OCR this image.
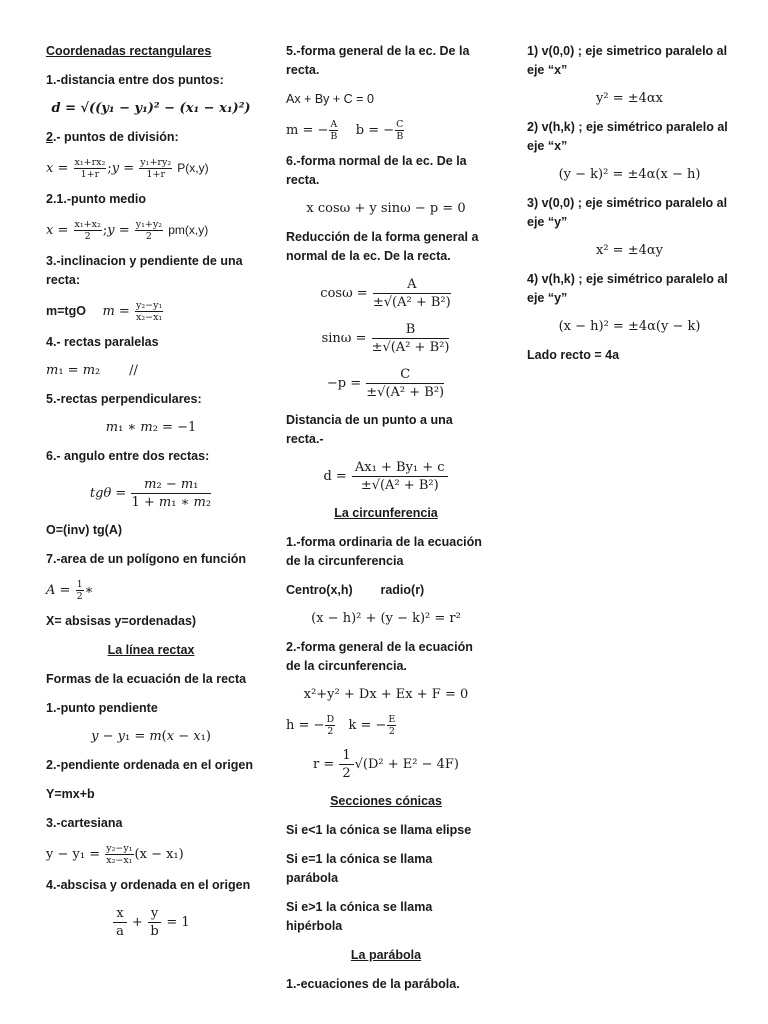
Coordenadas rectangulares

1.-distancia entre dos puntos:

d = √((y₁ − y₁)² − (x₁ − x₁)²)

2.- puntos de división:

$x = \frac{\text{x₁+rx₂}}{1+r}$ ;y = $\frac{\text{y₁+ry₂}}{1+r} P(x,y)$

2.1.-punto medio

$x = \frac{\text{x₁+x₂}}{2}$ ;y = $\frac{\text{y₁+y₂}}{2} pm(x,y)$

3.-inclinacion y pendiente de una recta:

m=tgO $m = \frac{\text{y₂−y₁}}{\text{x₂−x₁}}$

4.- rectas paralelas

m₁ = m₂       //

5.-rectas perpendiculares:

m₁ ∗ m₂ = −1

6.- angulo entre dos rectas:

$tg\theta = \frac{\text{m₂ − m₁}}{\text{1 + m₁ ∗ m₂}}$

O=(inv) tg(A)

7.-area de un polígono en función

$A = \frac{1}{2}$ ∗

X= absisas y=ordenadas)

La línea rectax

Formas de la ecuación de la recta

1.-punto pendiente

y − y₁ = m(x − x₁)

2.-pendiente ordenada en el origen

Y=mx+b

3.-cartesiana

$y - y_1 = \frac{\text{y₂−y₁}}{\text{x₂−x₁}} (x - x_1)$

4.-abscisa y ordenada en el origen

$\frac{x}{a} + \frac{y}{b} = 1$

5.-forma general de la ec. De la recta.

Ax + By + C = 0

m = − $\frac{A}{B}$ b = − $\frac{C}{B}$

6.-forma normal de la ec. De la recta.

x cosω + y sinω − p = 0

Reducción de la forma general a normal de la ec. De la recta.

$\cos\omega = \frac{A}{\text{±√(A² + B²)}}$
$\sin\omega = \frac{B}{\text{±√(A² + B²)}}$
$-p = \frac{C}{\text{±√(A² + B²)}}$

Distancia de un punto a una recta.-

$d = \frac{\text{Ax₁ + By₁ + c}}{\text{±√(A² + B²)}}$

La circunferencia

1.-forma ordinaria de la ecuación de la circunferencia

Centro(x,h) radio(r)

(x − h)² + (y − k)² = r²

2.-forma general de la ecuación de la circunferencia.

x²+y² + Dx + Ex + F = 0
h = − $\frac{D}{2}$ k = − $\frac{E}{2}$
$r = \frac{1}{2} √(D^2 + E^2 - 4F)$

Secciones cónicas

Si e<1 la cónica se llama elipse

Si e=1 la cónica se llama parábola

Si e>1 la cónica se llama hipérbola

La parábola

1.-ecuaciones de la parábola.

1) v(0,0) ; eje simetrico paralelo al eje “x”

y² = ±4αx

2) v(h,k) ; eje simétrico paralelo al eje “x”

(y − k)² = ±4α(x − h)

3) v(0,0) ; eje simétrico paralelo al eje “y”

x² = ±4αy

4) v(h,k) ; eje simétrico paralelo al eje “y”

(x − h)² = ±4α(y − k)

Lado recto = 4a
